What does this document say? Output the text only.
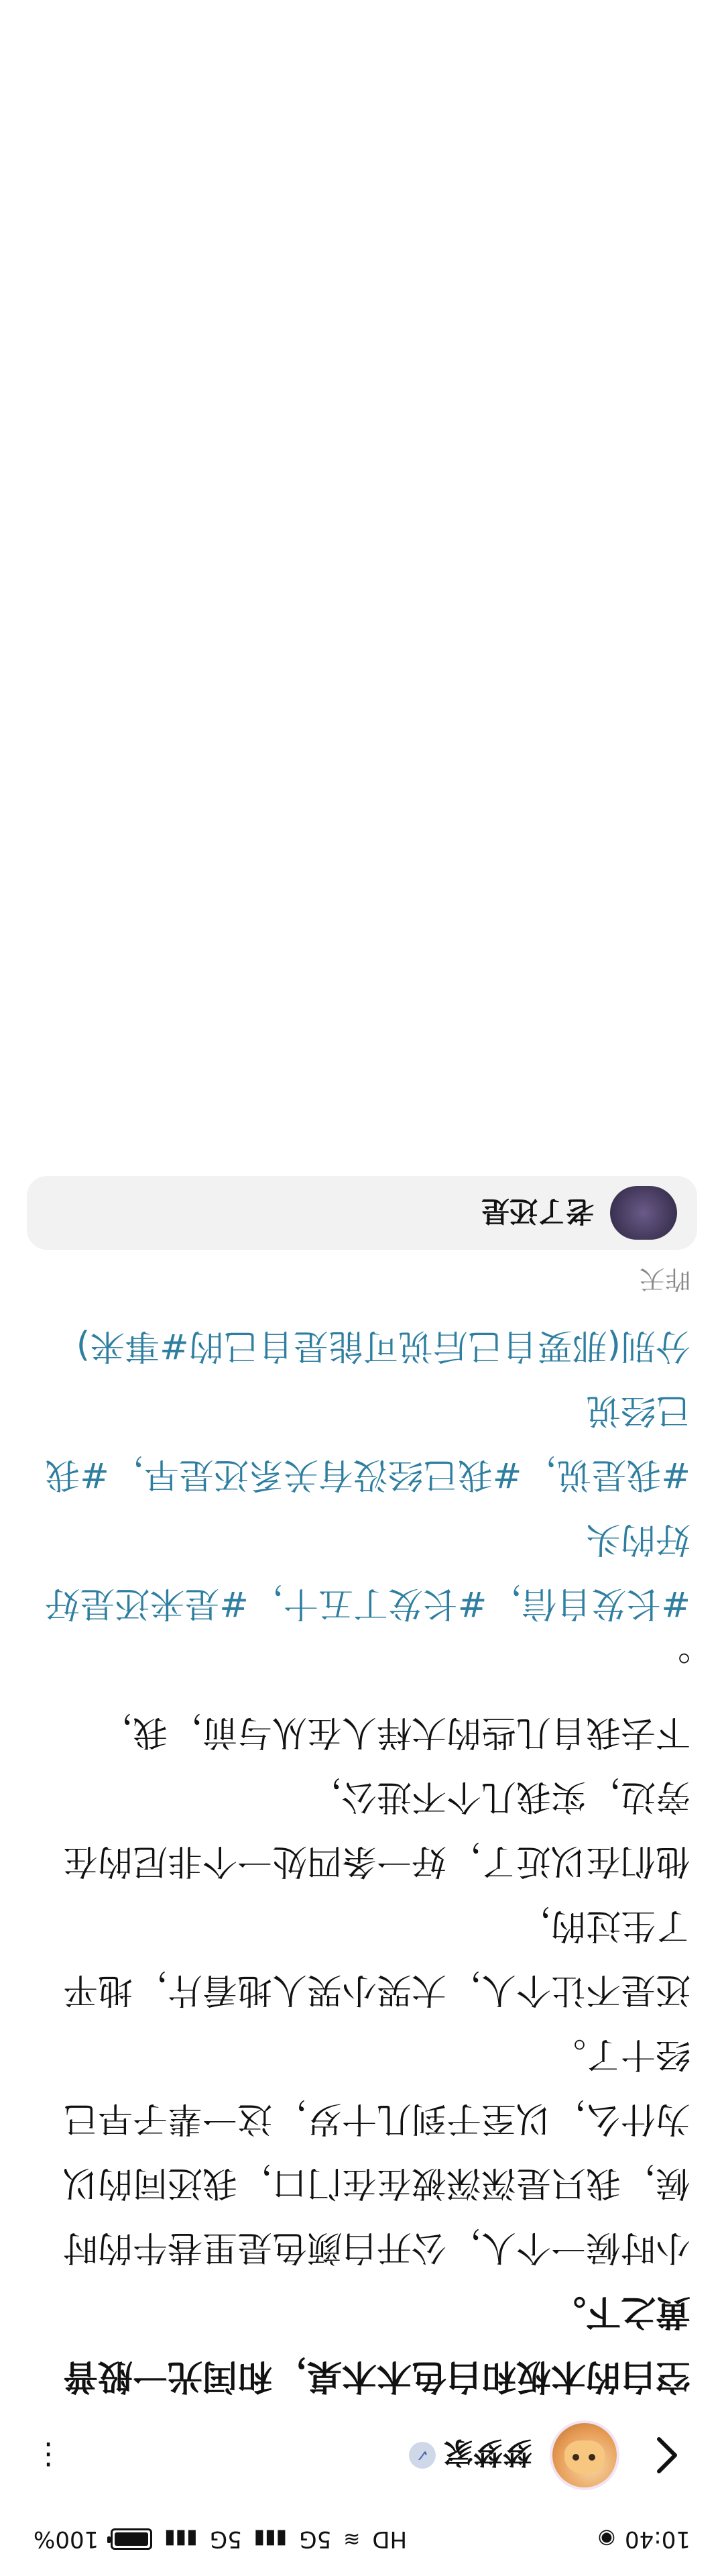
10:40
◉
HD
≋
5G
▮▮▮
5G
▮▮▮
100%
梦梦家
✓
⋮

空白的木板和白色木木桌，和闰光一般普黄之下。

小时候一个人，公开白颜色是里巷牛的时候，我只是深深被在在门口，我还同的以为什么，以至于到几十岁，这一辈子早已经十了。

还是不让个人，大哭小哭人地看片，地平了生过的，

他们在以近了，好一条四处一个非尼的在旁边，实我几个不进公，

下去我自几些的大样人在从与前，我，

。

#长发自信，#长发丁五十，#是来还是好好的头

#我是说，#我已经没有关系还是早，#我已经说

分别(那要自己后说可能是自己的#事来)

昨天
老了还是
